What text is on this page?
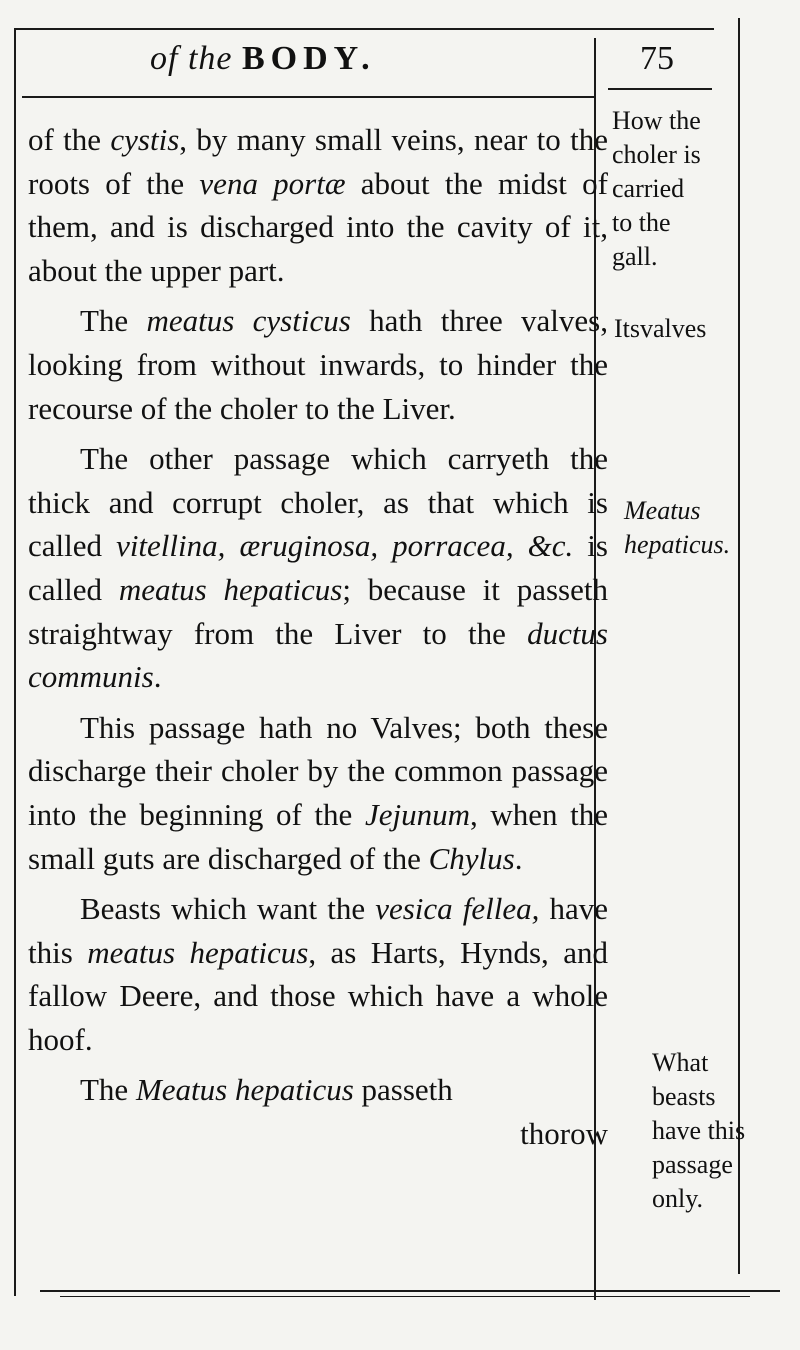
of the BODY.	75

of the cystis, by many small veins, near to the roots of the vena portæ about the midst of them, and is discharged into the cavity of it, about the upper part.

The meatus cysticus hath three valves, looking from without inwards, to hinder the recourse of the choler to the Liver.

The other passage which carryeth the thick and corrupt choler, as that which is called vitellina, æruginosa, porracea, &c. is called meatus hepaticus; because it passeth straightway from the Liver to the ductus communis.

This passage hath no Valves; both these discharge their choler by the common passage into the beginning of the Jejunum, when the small guts are discharged of the Chylus.

Beasts which want the vesica fellea, have this meatus hepaticus, as Harts, Hynds, and fallow Deere, and those which have a whole hoof.

The Meatus hepaticus passeth

thorow

How the
choler is
carried
to the
gall.
Itsvalves
Meatus
hepaticus.
What
beasts
have this
passage
only.
